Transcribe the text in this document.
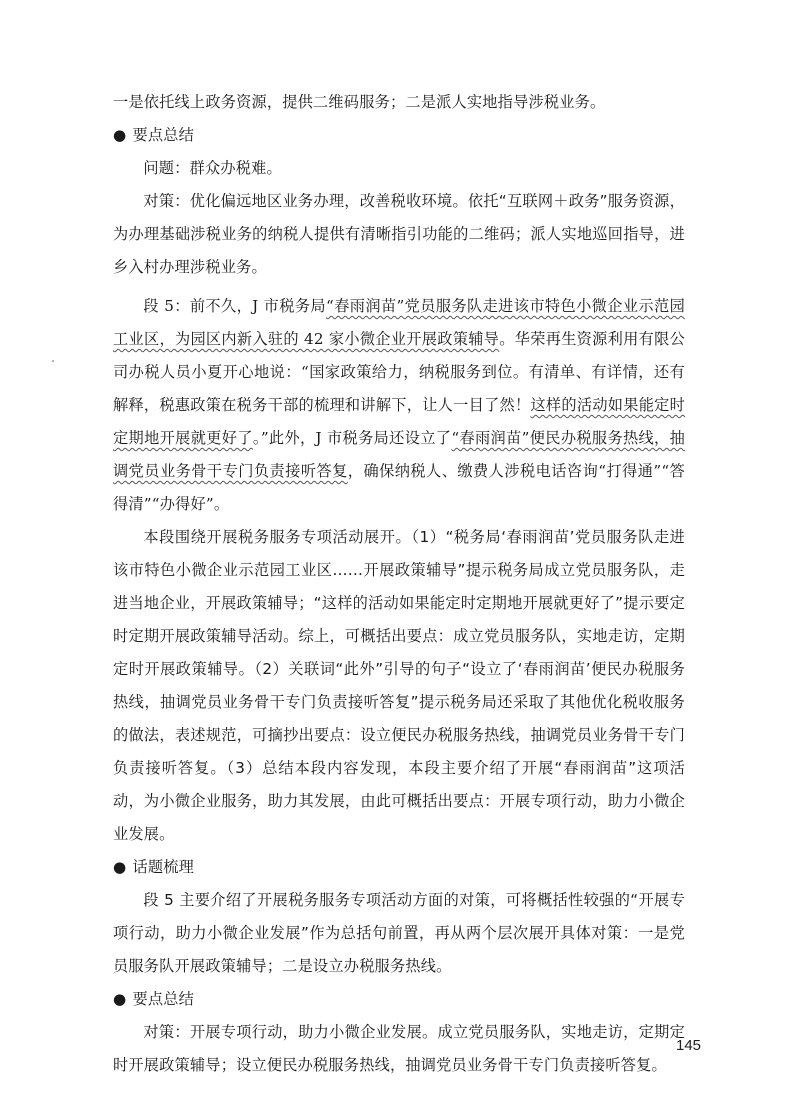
一是依托线上政务资源，提供二维码服务；二是派人实地指导涉税业务。

● 要点总结

问题：群众办税难。

对策：优化偏远地区业务办理，改善税收环境。依托“互联网＋政务”服务资源，为办理基础涉税业务的纳税人提供有清晰指引功能的二维码；派人实地巡回指导，进乡入村办理涉税业务。

段 5：前不久，J 市税务局“春雨润苗”党员服务队走进该市特色小微企业示范园工业区，为园区内新入驻的 42 家小微企业开展政策辅导。华荣再生资源利用有限公司办税人员小夏开心地说：“国家政策给力，纳税服务到位。有清单、有详情，还有解释，税惠政策在税务干部的梳理和讲解下，让人一目了然！这样的活动如果能定时定期地开展就更好了。”此外，J 市税务局还设立了“春雨润苗”便民办税服务热线，抽调党员业务骨干专门负责接听答复，确保纳税人、缴费人涉税电话咨询“打得通”“答得清”“办得好”。

本段围绕开展税务服务专项活动展开。（1）“税务局‘春雨润苗’党员服务队走进该市特色小微企业示范园工业区……开展政策辅导”提示税务局成立党员服务队，走进当地企业，开展政策辅导；“这样的活动如果能定时定期地开展就更好了”提示要定时定期开展政策辅导活动。综上，可概括出要点：成立党员服务队，实地走访，定期定时开展政策辅导。（2）关联词“此外”引导的句子“设立了‘春雨润苗’便民办税服务热线，抽调党员业务骨干专门负责接听答复”提示税务局还采取了其他优化税收服务的做法，表述规范，可摘抄出要点：设立便民办税服务热线，抽调党员业务骨干专门负责接听答复。（3）总结本段内容发现，本段主要介绍了开展“春雨润苗”这项活动，为小微企业服务，助力其发展，由此可概括出要点：开展专项行动，助力小微企业发展。

● 话题梳理

段 5 主要介绍了开展税务服务专项活动方面的对策，可将概括性较强的“开展专项行动，助力小微企业发展”作为总括句前置，再从两个层次展开具体对策：一是党员服务队开展政策辅导；二是设立办税服务热线。

● 要点总结

对策：开展专项行动，助力小微企业发展。成立党员服务队，实地走访，定期定时开展政策辅导；设立便民办税服务热线，抽调党员业务骨干专门负责接听答复。

145
